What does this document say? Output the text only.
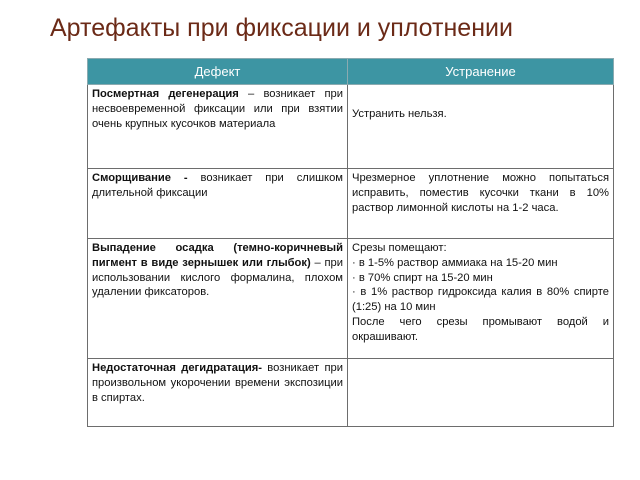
Артефакты при фиксации и уплотнении
Дефект	Устранение
Посмертная дегенерация – возникает при несвоевременной фиксации или при взятии очень крупных кусочков материала	Устранить нельзя.
Сморщивание - возникает при слишком длительной фиксации	Чрезмерное уплотнение можно попытаться исправить, поместив кусочки ткани в 10% раствор лимонной кислоты на 1-2 часа.
Выпадение осадка (темно-коричневый пигмент в виде зернышек или глыбок) – при использовании кислого формалина, плохом удалении фиксаторов.	Срезы помещают:
· в 1-5% раствор аммиака на 15-20 мин
· в 70% спирт на 15-20 мин
· в 1% раствор гидроксида калия в 80% спирте (1:25) на 10 мин
После чего срезы промывают водой и окрашивают.

Недостаточная дегидратация- возникает при произвольном укорочении времени экспозиции в спиртах.	
